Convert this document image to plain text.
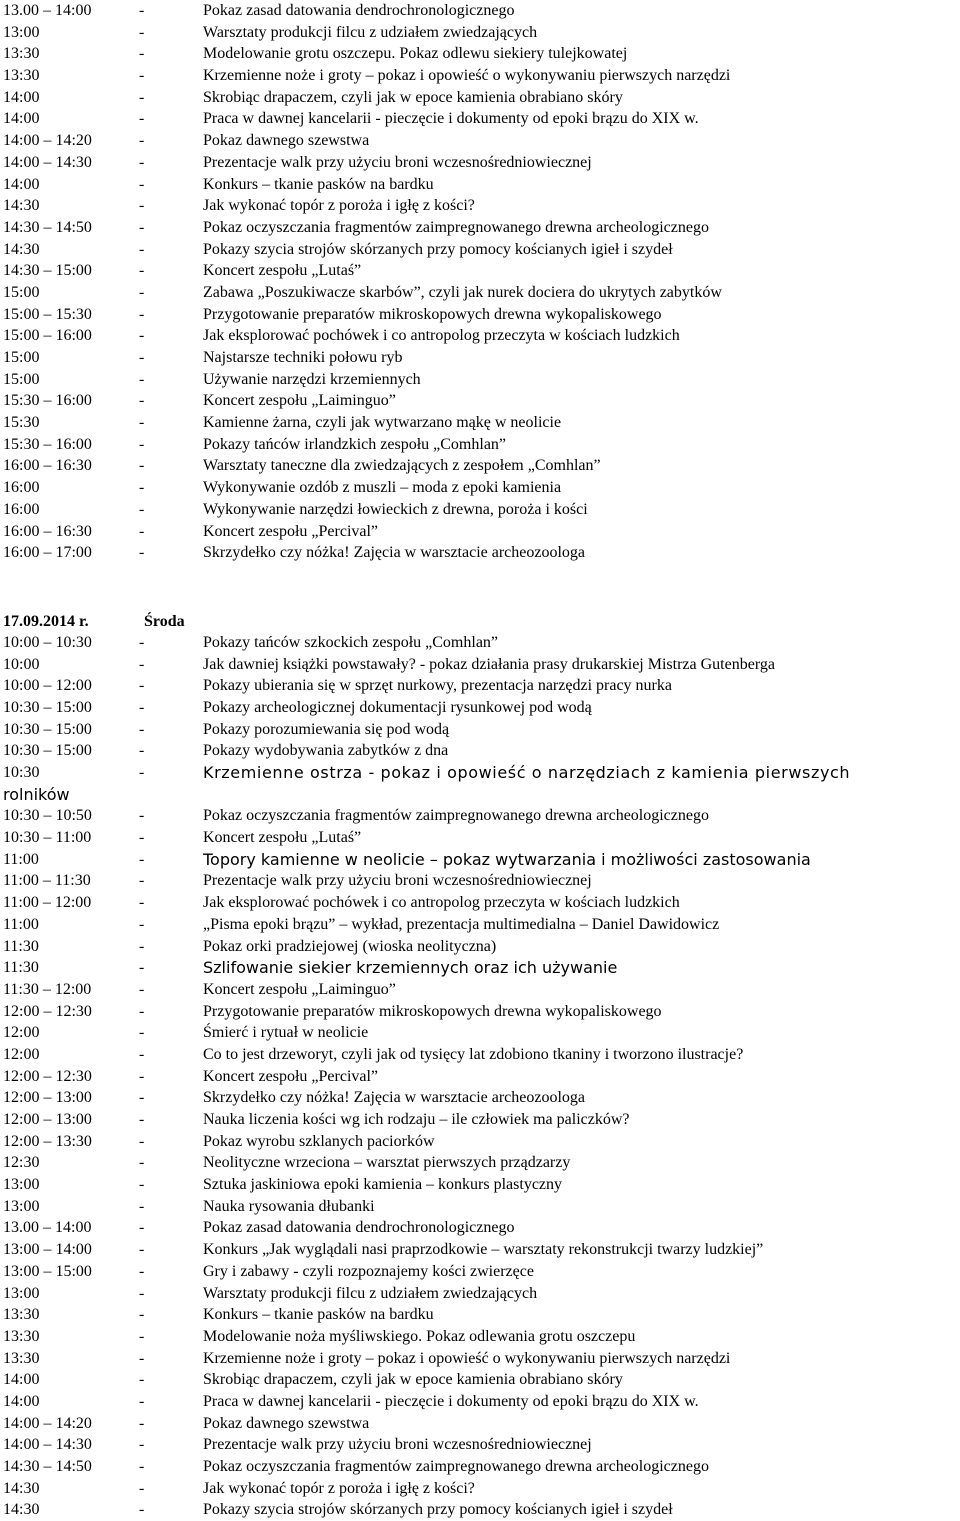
13.00 – 14:00	-	Pokaz zasad datowania dendrochronologicznego
13:00	-	Warsztaty produkcji filcu z udziałem zwiedzających
13:30	-	Modelowanie grotu oszczepu. Pokaz odlewu siekiery tulejkowatej
13:30	-	Krzemienne noże i groty – pokaz i opowieść o wykonywaniu pierwszych narzędzi
14:00	-	Skrobiąc drapaczem, czyli jak w epoce kamienia obrabiano skóry
14:00	-	Praca w dawnej kancelarii - pieczęcie i dokumenty od epoki brązu do XIX w.
14:00 – 14:20	-	Pokaz dawnego szewstwa
14:00 – 14:30	-	Prezentacje walk przy użyciu broni wczesnośredniowiecznej
14:00	-	Konkurs – tkanie pasków na bardku
14:30	-	Jak wykonać topór z poroża i igłę z kości?
14:30 – 14:50	-	Pokaz oczyszczania fragmentów zaimpregnowanego drewna archeologicznego
14:30	-	Pokazy szycia strojów skórzanych przy pomocy kościanych igieł i szydeł
14:30 – 15:00	-	Koncert zespołu „Lutaś”
15:00	-	Zabawa „Poszukiwacze skarbów”, czyli jak nurek dociera do ukrytych zabytków
15:00 – 15:30	-	Przygotowanie preparatów mikroskopowych drewna wykopaliskowego
15:00 – 16:00	-	Jak eksplorować pochówek i co antropolog przeczyta w kościach ludzkich
15:00	-	Najstarsze techniki połowu ryb
15:00	-	Używanie narzędzi krzemiennych
15:30 – 16:00	-	Koncert zespołu „Laiminguo”
15:30	-	Kamienne żarna, czyli jak wytwarzano mąkę w neolicie
15:30 – 16:00	-	Pokazy tańców irlandzkich zespołu „Comhlan”
16:00 – 16:30	-	Warsztaty taneczne dla zwiedzających z zespołem „Comhlan”
16:00	-	Wykonywanie ozdób z muszli – moda z epoki kamienia
16:00	-	Wykonywanie narzędzi łowieckich z drewna, poroża i kości
16:00 – 16:30	-	Koncert zespołu „Percival”
16:00 – 17:00	-	Skrzydełko czy nóżka! Zajęcia w warsztacie archeozoologa
17.09.2014 r.	Środa
10:00 – 10:30	-	Pokazy tańców szkockich zespołu „Comhlan”
10:00	-	Jak dawniej książki powstawały? - pokaz działania prasy drukarskiej Mistrza Gutenberga
10:00 – 12:00	-	Pokazy ubierania się w sprzęt nurkowy, prezentacja narzędzi pracy nurka
10:30 – 15:00	-	Pokazy archeologicznej dokumentacji rysunkowej pod wodą
10:30 – 15:00	-	Pokazy porozumiewania się pod wodą
10:30 – 15:00	-	Pokazy wydobywania zabytków z dna
10:30	-	Krzemienne ostrza - pokaz i opowieść o narzędziach z kamienia pierwszych
rolników
10:30 – 10:50	-	Pokaz oczyszczania fragmentów zaimpregnowanego drewna archeologicznego
10:30 – 11:00	-	Koncert zespołu „Lutaś”
11:00	-	Topory kamienne w neolicie – pokaz wytwarzania i możliwości zastosowania
11:00 – 11:30	-	Prezentacje walk przy użyciu broni wczesnośredniowiecznej
11:00 – 12:00	-	Jak eksplorować pochówek i co antropolog przeczyta w kościach ludzkich
11:00	-	„Pisma epoki brązu” – wykład, prezentacja multimedialna – Daniel Dawidowicz
11:30	-	Pokaz orki pradziejowej (wioska neolityczna)
11:30	-	Szlifowanie siekier krzemiennych oraz ich używanie
11:30 – 12:00	-	Koncert zespołu „Laiminguo”
12:00 – 12:30	-	Przygotowanie preparatów mikroskopowych drewna wykopaliskowego
12:00	-	Śmierć i rytuał w neolicie
12:00	-	Co to jest drzeworyt, czyli jak od tysięcy lat zdobiono tkaniny i tworzono ilustracje?
12:00 – 12:30	-	Koncert zespołu „Percival”
12:00 – 13:00	-	Skrzydełko czy nóżka! Zajęcia w warsztacie archeozoologa
12:00 – 13:00	-	Nauka liczenia kości wg ich rodzaju – ile człowiek ma paliczków?
12:00 – 13:30	-	Pokaz wyrobu szklanych paciorków
12:30	-	Neolityczne wrzeciona – warsztat pierwszych prządzarzy
13:00	-	Sztuka jaskiniowa epoki kamienia – konkurs plastyczny
13:00	-	Nauka rysowania dłubanki
13.00 – 14:00	-	Pokaz zasad datowania dendrochronologicznego
13:00 – 14:00	-	Konkurs „Jak wyglądali nasi praprzodkowie – warsztaty rekonstrukcji twarzy ludzkiej”
13:00 – 15:00	-	Gry i zabawy - czyli rozpoznajemy kości zwierzęce
13:00	-	Warsztaty produkcji filcu z udziałem zwiedzających
13:30	-	Konkurs – tkanie pasków na bardku
13:30	-	Modelowanie noża myśliwskiego. Pokaz odlewania grotu oszczepu
13:30	-	Krzemienne noże i groty – pokaz i opowieść o wykonywaniu pierwszych narzędzi
14:00	-	Skrobiąc drapaczem, czyli jak w epoce kamienia obrabiano skóry
14:00	-	Praca w dawnej kancelarii - pieczęcie i dokumenty od epoki brązu do XIX w.
14:00 – 14:20	-	Pokaz dawnego szewstwa
14:00 – 14:30	-	Prezentacje walk przy użyciu broni wczesnośredniowiecznej
14:30 – 14:50	-	Pokaz oczyszczania fragmentów zaimpregnowanego drewna archeologicznego
14:30	-	Jak wykonać topór z poroża i igłę z kości?
14:30	-	Pokazy szycia strojów skórzanych przy pomocy kościanych igieł i szydeł
